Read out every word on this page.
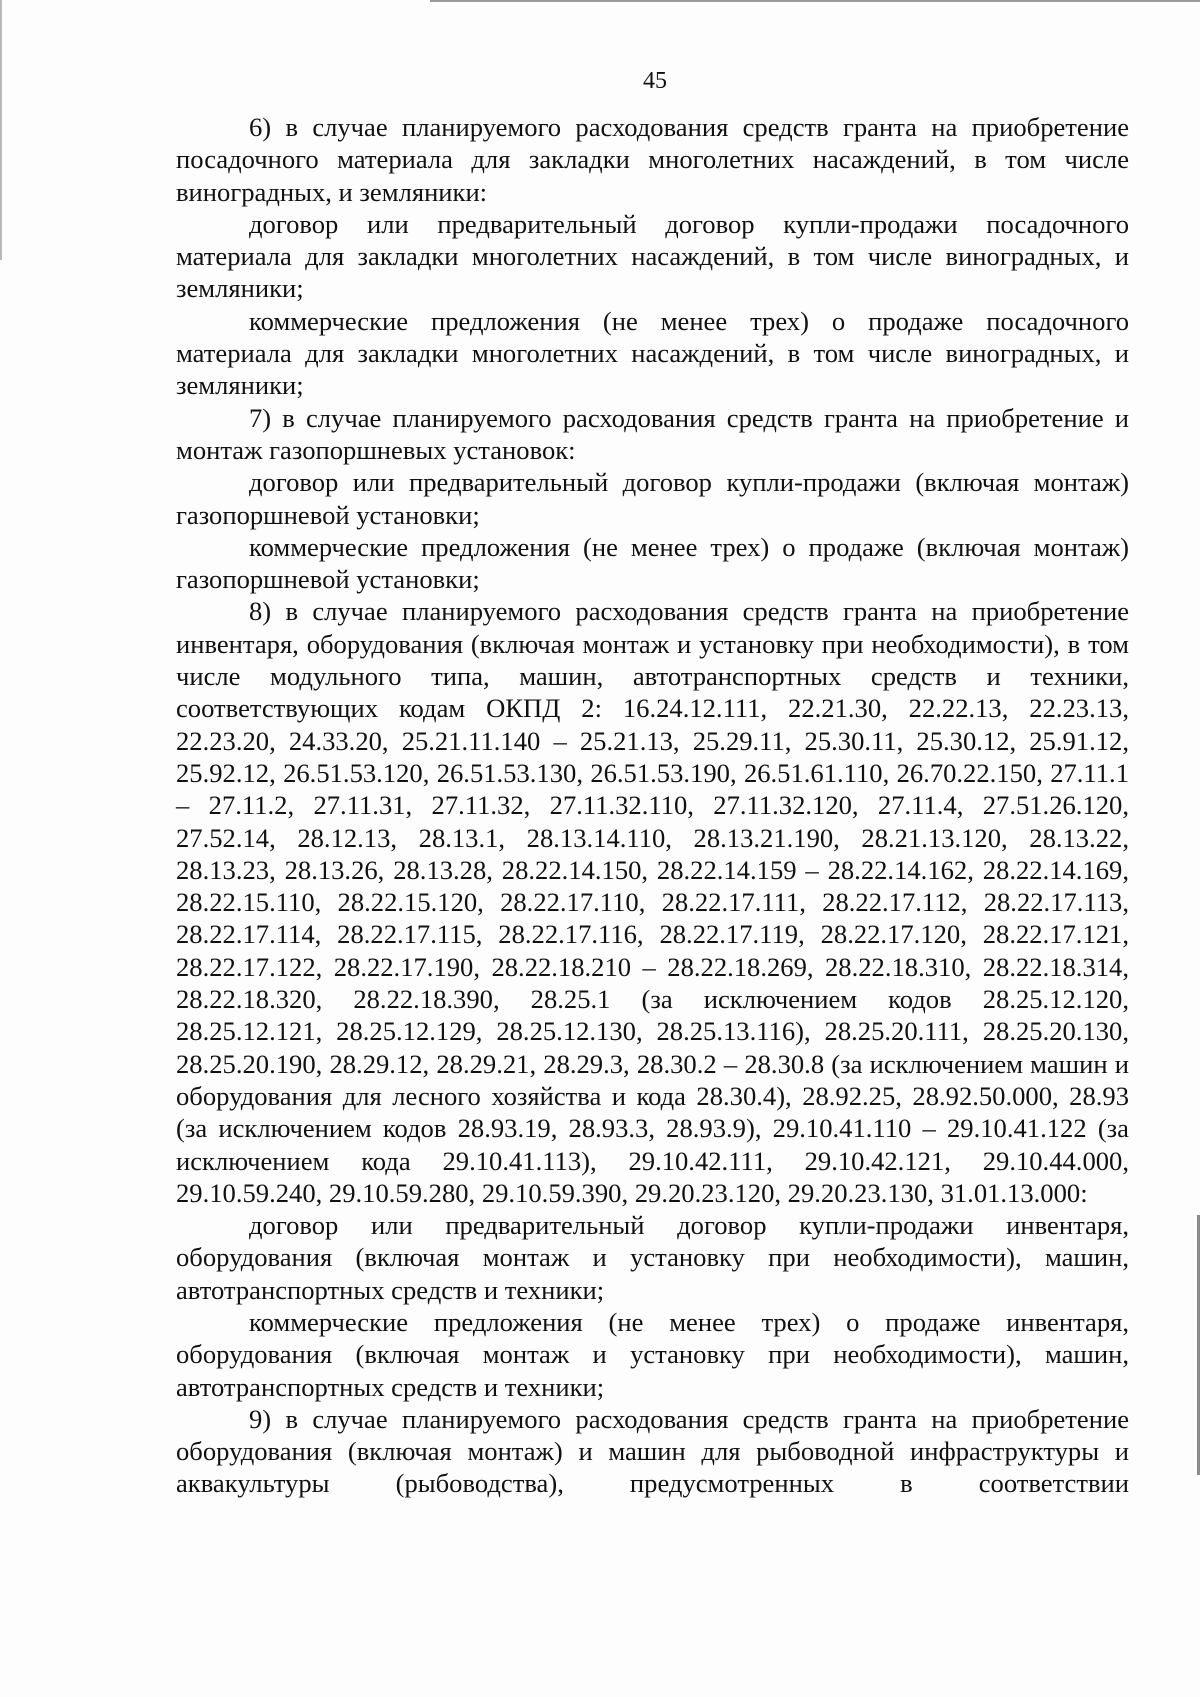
45

6) в случае планируемого расходования средств гранта на приобретение посадочного материала для закладки многолетних насаждений, в том числе виноградных, и земляники:

договор или предварительный договор купли-продажи посадочного материала для закладки многолетних насаждений, в том числе виноградных, и земляники;

коммерческие предложения (не менее трех) о продаже посадочного материала для закладки многолетних насаждений, в том числе виноградных, и земляники;

7) в случае планируемого расходования средств гранта на приобретение и монтаж газопоршневых установок:

договор или предварительный договор купли-продажи (включая монтаж) газопоршневой установки;

коммерческие предложения (не менее трех) о продаже (включая монтаж) газопоршневой установки;

8) в случае планируемого расходования средств гранта на приобретение инвентаря, оборудования (включая монтаж и установку при необходимости), в том числе модульного типа, машин, автотранспортных средств и техники, соответствующих кодам ОКПД 2: 16.24.12.111, 22.21.30, 22.22.13, 22.23.13, 22.23.20, 24.33.20, 25.21.11.140 – 25.21.13, 25.29.11, 25.30.11, 25.30.12, 25.91.12, 25.92.12, 26.51.53.120, 26.51.53.130, 26.51.53.190, 26.51.61.110, 26.70.22.150, 27.11.1 – 27.11.2, 27.11.31, 27.11.32, 27.11.32.110, 27.11.32.120, 27.11.4, 27.51.26.120, 27.52.14, 28.12.13, 28.13.1, 28.13.14.110, 28.13.21.190, 28.21.13.120, 28.13.22, 28.13.23, 28.13.26, 28.13.28, 28.22.14.150, 28.22.14.159 – 28.22.14.162, 28.22.14.169, 28.22.15.110, 28.22.15.120, 28.22.17.110, 28.22.17.111, 28.22.17.112, 28.22.17.113, 28.22.17.114, 28.22.17.115, 28.22.17.116, 28.22.17.119, 28.22.17.120, 28.22.17.121, 28.22.17.122, 28.22.17.190, 28.22.18.210 – 28.22.18.269, 28.22.18.310, 28.22.18.314, 28.22.18.320, 28.22.18.390, 28.25.1 (за исключением кодов 28.25.12.120, 28.25.12.121, 28.25.12.129, 28.25.12.130, 28.25.13.116), 28.25.20.111, 28.25.20.130, 28.25.20.190, 28.29.12, 28.29.21, 28.29.3, 28.30.2 – 28.30.8 (за исключением машин и оборудования для лесного хозяйства и кода 28.30.4), 28.92.25, 28.92.50.000, 28.93 (за исключением кодов 28.93.19, 28.93.3, 28.93.9), 29.10.41.110 – 29.10.41.122 (за исключением кода 29.10.41.113), 29.10.42.111, 29.10.42.121, 29.10.44.000, 29.10.59.240, 29.10.59.280, 29.10.59.390, 29.20.23.120, 29.20.23.130, 31.01.13.000:

договор или предварительный договор купли-продажи инвентаря, оборудования (включая монтаж и установку при необходимости), машин, автотранспортных средств и техники;

коммерческие предложения (не менее трех) о продаже инвентаря, оборудования (включая монтаж и установку при необходимости), машин, автотранспортных средств и техники;

9) в случае планируемого расходования средств гранта на приобретение оборудования (включая монтаж) и машин для рыбоводной инфраструктуры и аквакультуры (рыбоводства), предусмотренных в соответствии
